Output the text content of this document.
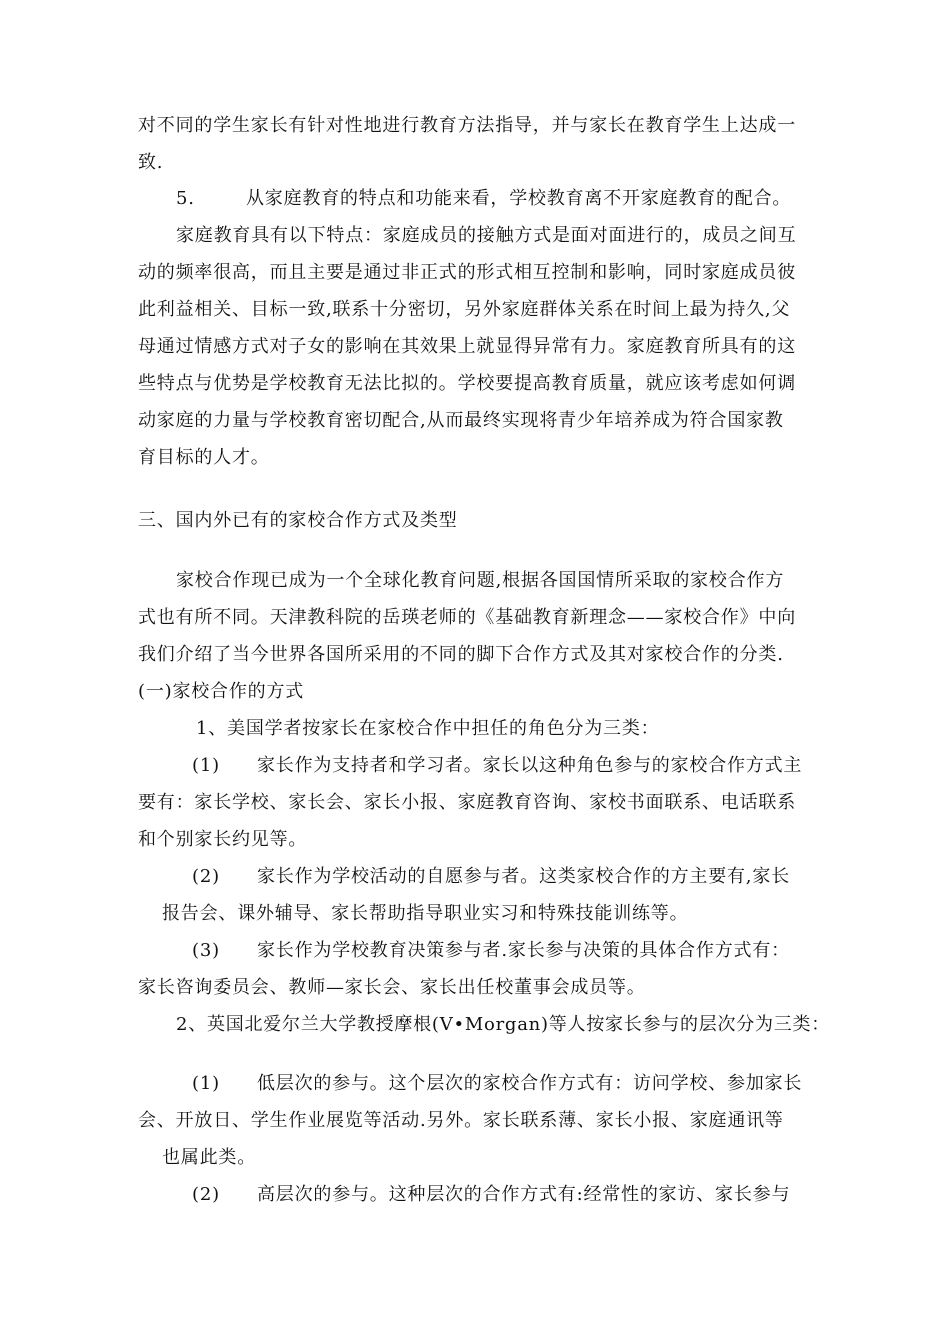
对不同的学生家长有针对性地进行教育方法指导，并与家长在教育学生上达成一
致.
5.	从家庭教育的特点和功能来看，学校教育离不开家庭教育的配合。
家庭教育具有以下特点：家庭成员的接触方式是面对面进行的，成员之间互
动的频率很高，而且主要是通过非正式的形式相互控制和影响，同时家庭成员彼
此利益相关、目标一致,联系十分密切，另外家庭群体关系在时间上最为持久,父
母通过情感方式对子女的影响在其效果上就显得异常有力。家庭教育所具有的这
些特点与优势是学校教育无法比拟的。学校要提高教育质量，就应该考虑如何调
动家庭的力量与学校教育密切配合,从而最终实现将青少年培养成为符合国家教
育目标的人才。
三、国内外已有的家校合作方式及类型
家校合作现已成为一个全球化教育问题,根据各国国情所采取的家校合作方
式也有所不同。天津教科院的岳瑛老师的《基础教育新理念——家校合作》中向
我们介绍了当今世界各国所采用的不同的脚下合作方式及其对家校合作的分类.
(一)家校合作的方式
1、美国学者按家长在家校合作中担任的角色分为三类：
(1) 家长作为支持者和学习者。家长以这种角色参与的家校合作方式主
要有：家长学校、家长会、家长小报、家庭教育咨询、家校书面联系、电话联系
和个别家长约见等。
(2) 家长作为学校活动的自愿参与者。这类家校合作的方主要有,家长
报告会、课外辅导、家长帮助指导职业实习和特殊技能训练等。
(3) 家长作为学校教育决策参与者.家长参与决策的具体合作方式有：
家长咨询委员会、教师—家长会、家长出任校董事会成员等。
2、英国北爱尔兰大学教授摩根(V•Morgan)等人按家长参与的层次分为三类：
(1) 低层次的参与。这个层次的家校合作方式有：访问学校、参加家长
会、开放日、学生作业展览等活动.另外。家长联系薄、家长小报、家庭通讯等
也属此类。
(2) 高层次的参与。这种层次的合作方式有:经常性的家访、家长参与
